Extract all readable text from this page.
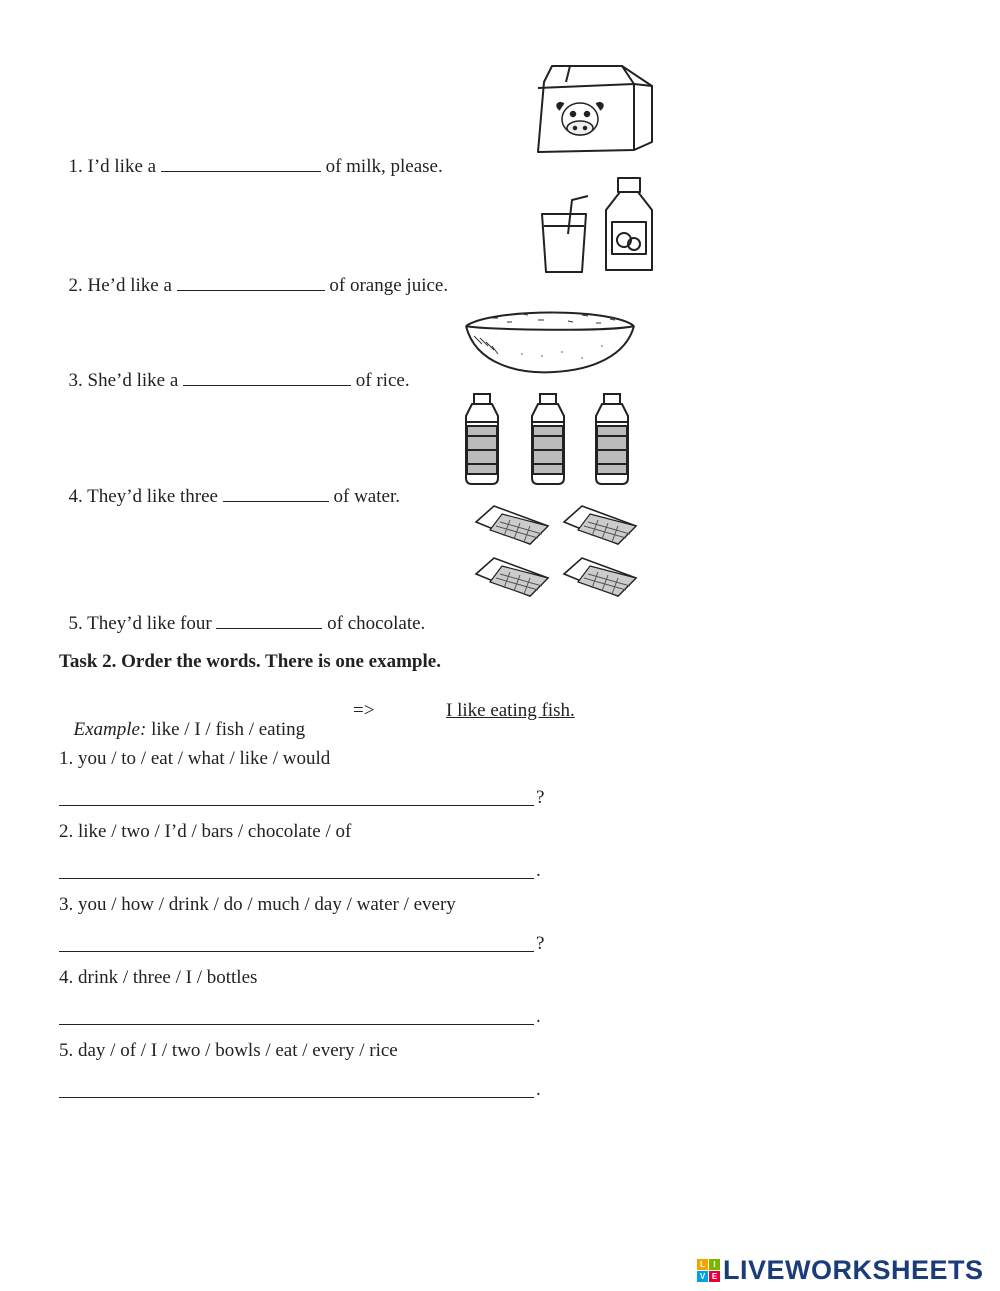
1. I’d like a	of milk, please.

2. He’d like a	of orange juice.

3. She’d like a	of rice.

4. They’d like three	of water.

5. They’d like four	of chocolate.

Task 2. Order the words. There is one example.

Example: like / I / fish / eating

=>	I like eating fish.
1. you / to / eat / what / like / would
?
2. like / two / I’d / bars / chocolate / of
.
3. you / how / drink / do / much / day / water / every
?
4. drink / three / I / bottles
.
5. day / of / I / two / bowls / eat / every / rice
.
L	I
V E LIVEWORKSHEETS
